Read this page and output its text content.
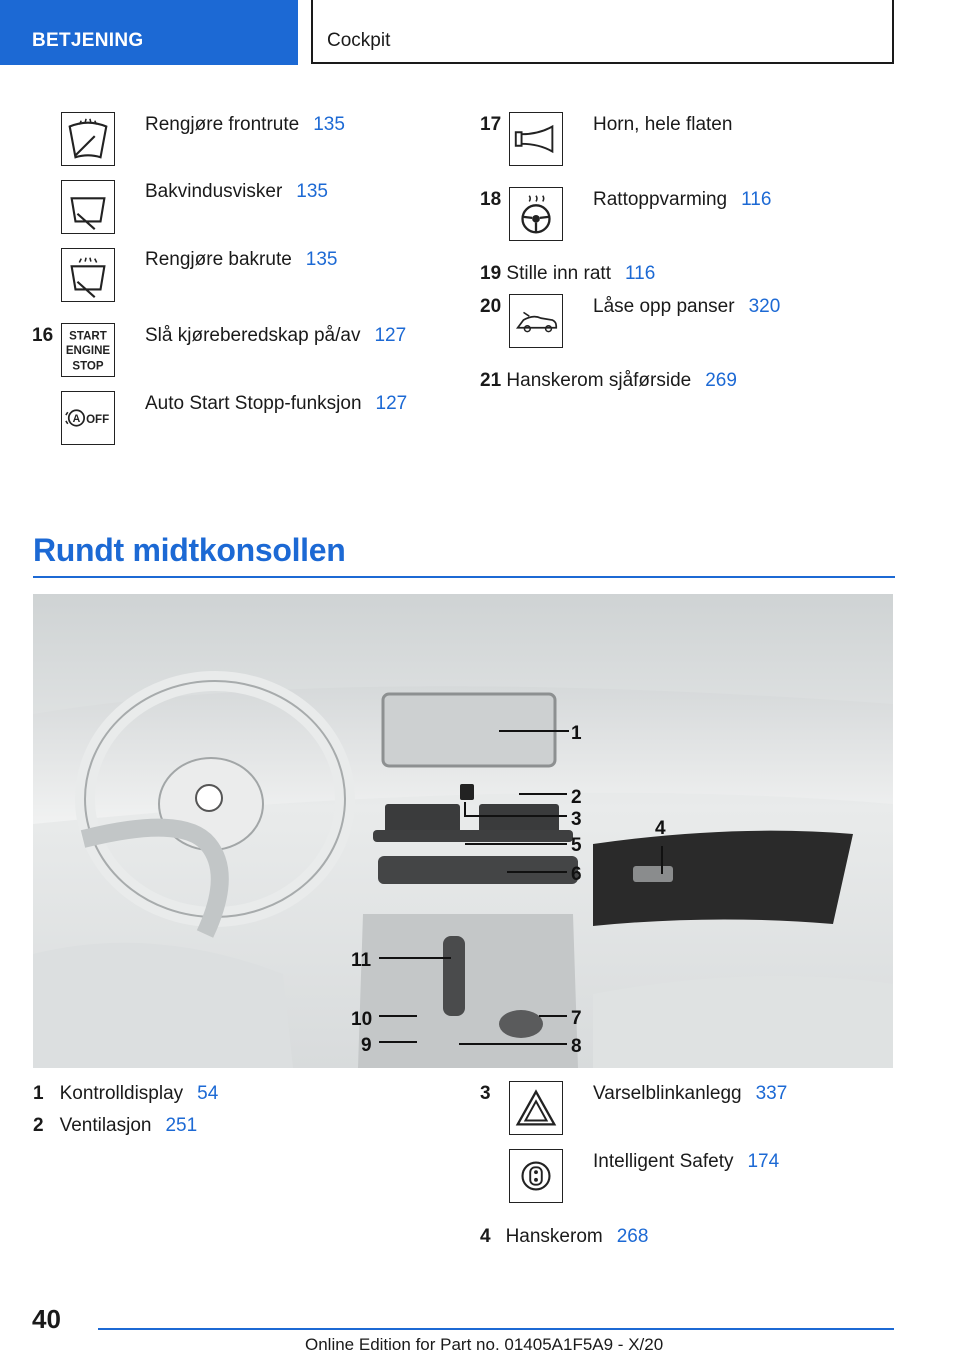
BETJENING	Cockpit
Rengjøre frontrute 135
Bakvindusvisker 135
Rengjøre bakrute 135
16 START
ENGINE
STOP
Slå kjøreberedskap på/av 127
A OFF
Auto Start Stopp-funksjon 127
17	Horn, hele flaten
18	Rattoppvarming 116
19 Stille inn ratt 116
20	Låse opp panser 320
21 Hanskerom sjåførside 269
Rundt midtkonsollen
1
2
3	4
5
6
7
8
9
10
11
1 Kontrolldisplay 54
2 Ventilasjon 251
3	Varselblinkanlegg 337
Intelligent Safety 174
4 Hanskerom 268
40
Online Edition for Part no. 01405A1F5A9 - X/20
